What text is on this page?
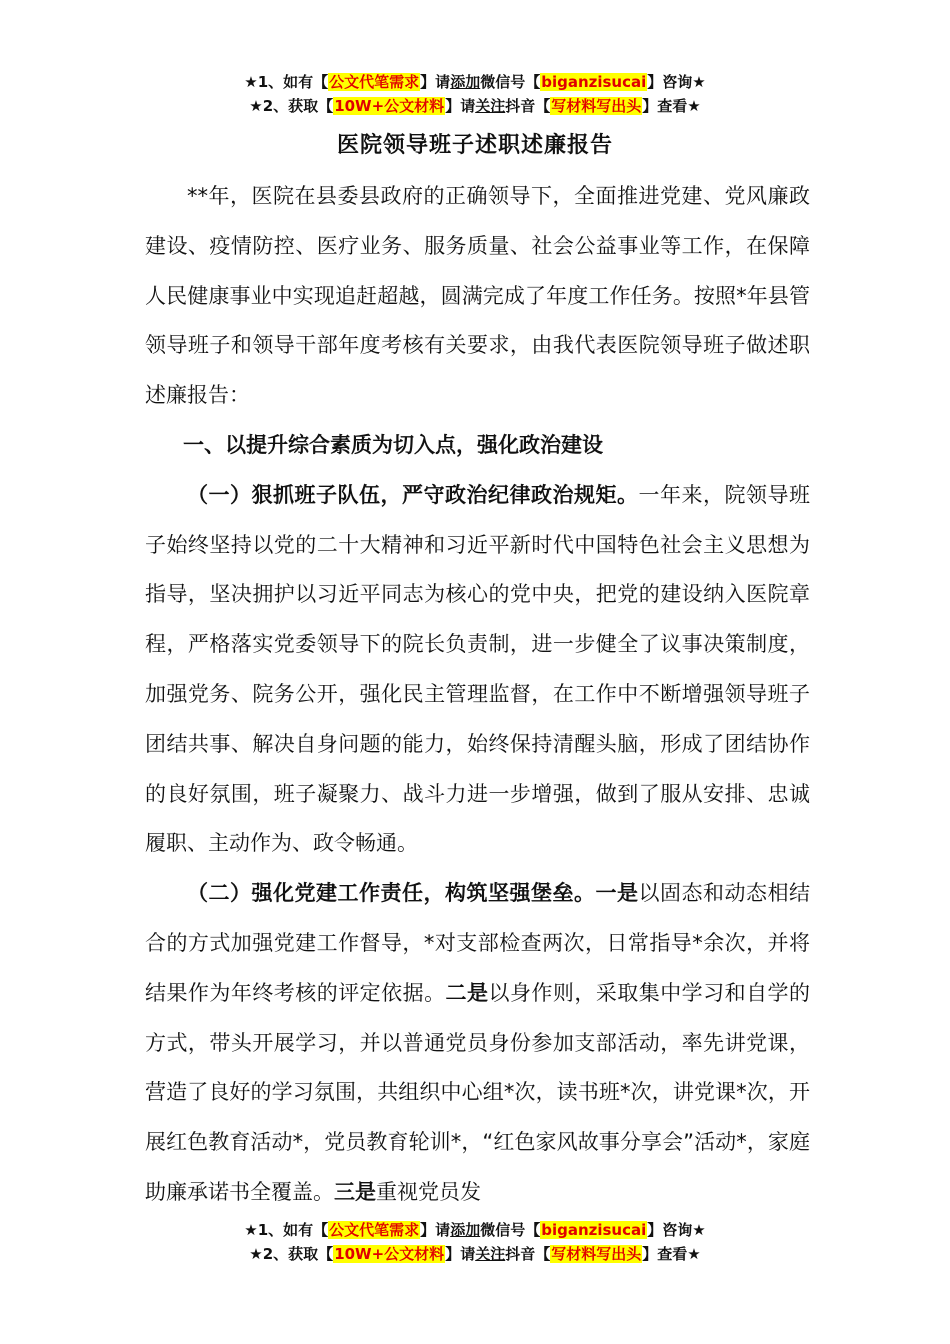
★1、如有【公文代笔需求】请添加微信号【biganzisucai】咨询★
★2、获取【10W+公文材料】请关注抖音【写材料写出头】查看★
医院领导班子述职述廉报告

**年，医院在县委县政府的正确领导下，全面推进党建、党风廉政建设、疫情防控、医疗业务、服务质量、社会公益事业等工作，在保障人民健康事业中实现追赶超越，圆满完成了年度工作任务。按照*年县管领导班子和领导干部年度考核有关要求，由我代表医院领导班子做述职述廉报告：

一、以提升综合素质为切入点，强化政治建设

（一）狠抓班子队伍，严守政治纪律政治规矩。一年来，院领导班子始终坚持以党的二十大精神和习近平新时代中国特色社会主义思想为指导，坚决拥护以习近平同志为核心的党中央，把党的建设纳入医院章程，严格落实党委领导下的院长负责制，进一步健全了议事决策制度，加强党务、院务公开，强化民主管理监督，在工作中不断增强领导班子团结共事、解决自身问题的能力，始终保持清醒头脑，形成了团结协作的良好氛围，班子凝聚力、战斗力进一步增强，做到了服从安排、忠诚履职、主动作为、政令畅通。

（二）强化党建工作责任，构筑坚强堡垒。一是以固态和动态相结合的方式加强党建工作督导，*对支部检查两次，日常指导*余次，并将结果作为年终考核的评定依据。二是以身作则，采取集中学习和自学的方式，带头开展学习，并以普通党员身份参加支部活动，率先讲党课，营造了良好的学习氛围，共组织中心组*次，读书班*次，讲党课*次，开展红色教育活动*，党员教育轮训*，“红色家风故事分享会”活动*，家庭助廉承诺书全覆盖。三是重视党员发

★1、如有【公文代笔需求】请添加微信号【biganzisucai】咨询★
★2、获取【10W+公文材料】请关注抖音【写材料写出头】查看★
